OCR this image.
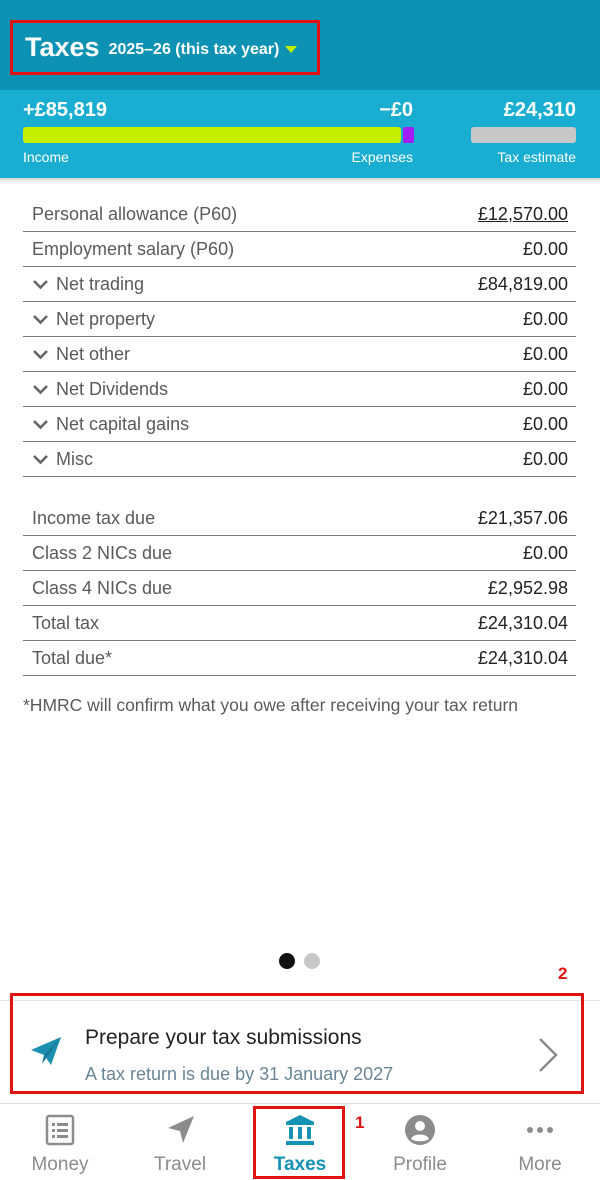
Taxes 2025–26 (this tax year)
+£85,819	−£0	£24,310
Income	Expenses	Tax estimate
Personal allowance (P60)	£12,570.00
Employment salary (P60)	£0.00
Net trading	£84,819.00
Net property	£0.00
Net other	£0.00
Net Dividends	£0.00
Net capital gains	£0.00
Misc	£0.00
Income tax due	£21,357.06
Class 2 NICs due	£0.00
Class 4 NICs due	£2,952.98
Total tax	£24,310.04
Total due*	£24,310.04

*HMRC will confirm what you owe after receiving your tax return

2
Prepare your tax submissions
A tax return is due by 31 January 2027
Money	Travel	Taxes	Profile	More
1
